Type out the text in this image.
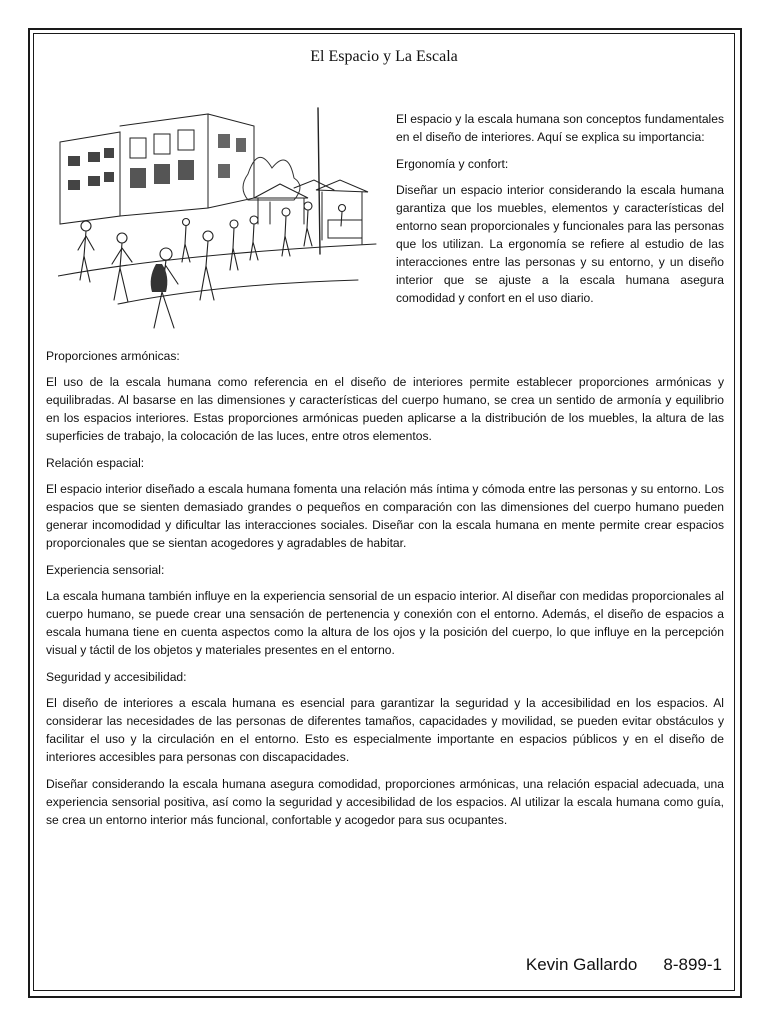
El Espacio y La Escala

El espacio y la escala humana son conceptos fundamentales en el diseño de interiores. Aquí se explica su importancia:

Ergonomía y confort:

Diseñar un espacio interior considerando la escala humana garantiza que los muebles, elementos y características del entorno sean proporcionales y funcionales para las personas que los utilizan. La ergonomía se refiere al estudio de las interacciones entre las personas y su entorno, y un diseño interior que se ajuste a la escala humana asegura comodidad y confort en el uso diario.

Proporciones armónicas:

El uso de la escala humana como referencia en el diseño de interiores permite establecer proporciones armónicas y equilibradas. Al basarse en las dimensiones y características del cuerpo humano, se crea un sentido de armonía y equilibrio en los espacios interiores. Estas proporciones armónicas pueden aplicarse a la distribución de los muebles, la altura de las superficies de trabajo, la colocación de las luces, entre otros elementos.

Relación espacial:

El espacio interior diseñado a escala humana fomenta una relación más íntima y cómoda entre las personas y su entorno. Los espacios que se sienten demasiado grandes o pequeños en comparación con las dimensiones del cuerpo humano pueden generar incomodidad y dificultar las interacciones sociales. Diseñar con la escala humana en mente permite crear espacios proporcionales que se sientan acogedores y agradables de habitar.

Experiencia sensorial:

La escala humana también influye en la experiencia sensorial de un espacio interior. Al diseñar con medidas proporcionales al cuerpo humano, se puede crear una sensación de pertenencia y conexión con el entorno. Además, el diseño de espacios a escala humana tiene en cuenta aspectos como la altura de los ojos y la posición del cuerpo, lo que influye en la percepción visual y táctil de los objetos y materiales presentes en el entorno.

Seguridad y accesibilidad:

El diseño de interiores a escala humana es esencial para garantizar la seguridad y la accesibilidad en los espacios. Al considerar las necesidades de las personas de diferentes tamaños, capacidades y movilidad, se pueden evitar obstáculos y facilitar el uso y la circulación en el entorno. Esto es especialmente importante en espacios públicos y en el diseño de interiores accesibles para personas con discapacidades.

Diseñar considerando la escala humana asegura comodidad, proporciones armónicas, una relación espacial adecuada, una experiencia sensorial positiva, así como la seguridad y accesibilidad de los espacios. Al utilizar la escala humana como guía, se crea un entorno interior más funcional, confortable y acogedor para sus ocupantes.

Kevin Gallardo 8-899-1
